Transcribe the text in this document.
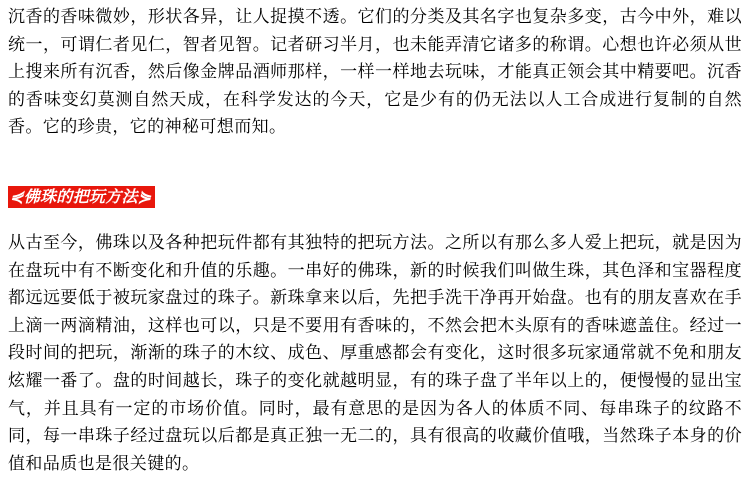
沉香的香味微妙，形状各异，让人捉摸不透。它们的分类及其名字也复杂多变，古今中外，难以统一，可谓仁者见仁，智者见智。记者研习半月，也未能弄清它诸多的称谓。心想也许必须从世上搜来所有沉香，然后像金牌品酒师那样，一样一样地去玩味，才能真正领会其中精要吧。沉香的香味变幻莫测自然天成，在科学发达的今天，它是少有的仍无法以人工合成进行复制的自然香。它的珍贵，它的神秘可想而知。

⋞佛珠的把玩方法⋟

从古至今，佛珠以及各种把玩件都有其独特的把玩方法。之所以有那么多人爱上把玩，就是因为在盘玩中有不断变化和升值的乐趣。一串好的佛珠，新的时候我们叫做生珠，其色泽和宝器程度都远远要低于被玩家盘过的珠子。新珠拿来以后，先把手洗干净再开始盘。也有的朋友喜欢在手上滴一两滴精油，这样也可以，只是不要用有香味的，不然会把木头原有的香味遮盖住。经过一段时间的把玩，渐渐的珠子的木纹、成色、厚重感都会有变化，这时很多玩家通常就不免和朋友炫耀一番了。盘的时间越长，珠子的变化就越明显，有的珠子盘了半年以上的，便慢慢的显出宝气，并且具有一定的市场价值。同时，最有意思的是因为各人的体质不同、每串珠子的纹路不同，每一串珠子经过盘玩以后都是真正独一无二的，具有很高的收藏价值哦，当然珠子本身的价值和品质也是很关键的。
